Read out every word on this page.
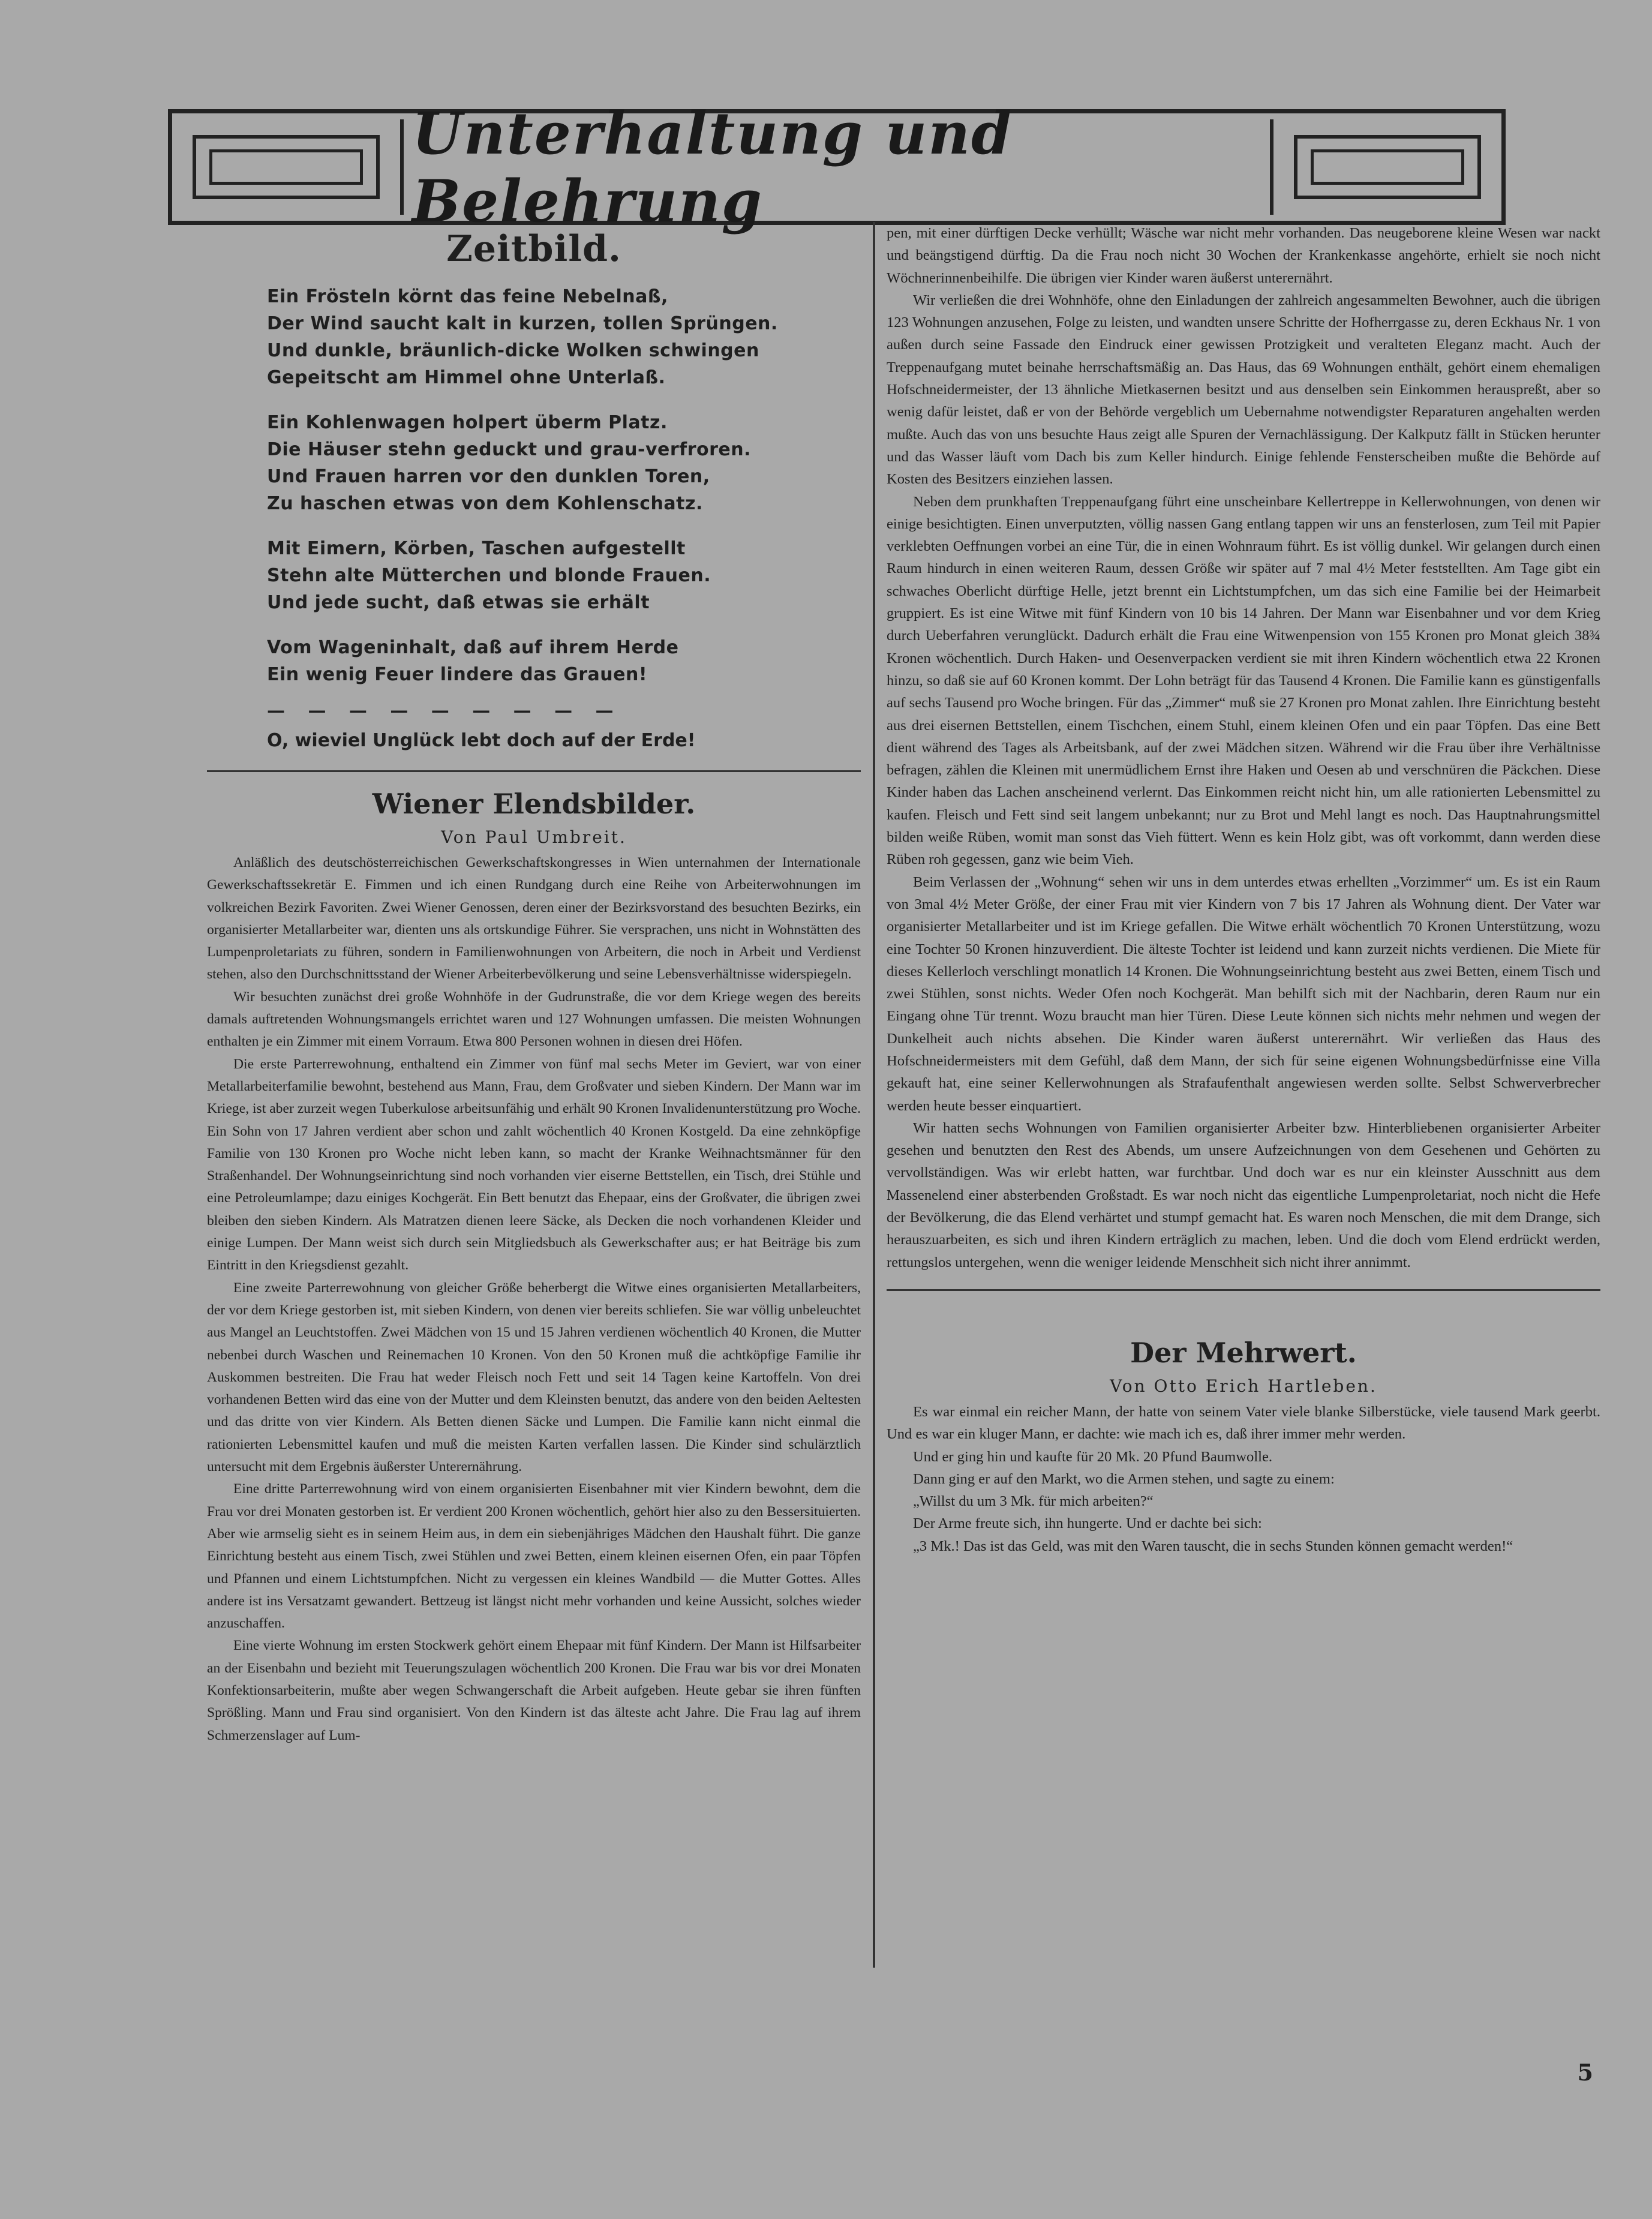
Unterhaltung und Belehrung
Zeitbild.
Ein Frösteln körnt das feine Nebelnaß,
Der Wind saucht kalt in kurzen, tollen Sprüngen.
Und dunkle, bräunlich-dicke Wolken schwingen
Gepeitscht am Himmel ohne Unterlaß.
Ein Kohlenwagen holpert überm Platz.
Die Häuser stehn geduckt und grau-verfroren.
Und Frauen harren vor den dunklen Toren,
Zu haschen etwas von dem Kohlenschatz.
Mit Eimern, Körben, Taschen aufgestellt
Stehn alte Mütterchen und blonde Frauen.
Und jede sucht, daß etwas sie erhält
Vom Wageninhalt, daß auf ihrem Herde
Ein wenig Feuer lindere das Grauen!
— — — — — — — — —
O, wieviel Unglück lebt doch auf der Erde!
Wiener Elendsbilder.
Von Paul Umbreit.

Anläßlich des deutschösterreichischen Gewerkschaftskongresses in Wien unternahmen der Internationale Gewerkschaftssekretär E. Fimmen und ich einen Rundgang durch eine Reihe von Arbeiterwohnungen im volkreichen Bezirk Favoriten. Zwei Wiener Genossen, deren einer der Bezirksvorstand des besuchten Bezirks, ein organisierter Metallarbeiter war, dienten uns als ortskundige Führer. Sie versprachen, uns nicht in Wohnstätten des Lumpenproletariats zu führen, sondern in Familienwohnungen von Arbeitern, die noch in Arbeit und Verdienst stehen, also den Durchschnittsstand der Wiener Arbeiterbevölkerung und seine Lebensverhältnisse widerspiegeln.

Wir besuchten zunächst drei große Wohnhöfe in der Gudrunstraße, die vor dem Kriege wegen des bereits damals auftretenden Wohnungsmangels errichtet waren und 127 Wohnungen umfassen. Die meisten Wohnungen enthalten je ein Zimmer mit einem Vorraum. Etwa 800 Personen wohnen in diesen drei Höfen.

Die erste Parterrewohnung, enthaltend ein Zimmer von fünf mal sechs Meter im Geviert, war von einer Metallarbeiterfamilie bewohnt, bestehend aus Mann, Frau, dem Großvater und sieben Kindern. Der Mann war im Kriege, ist aber zurzeit wegen Tuberkulose arbeitsunfähig und erhält 90 Kronen Invalidenunterstützung pro Woche. Ein Sohn von 17 Jahren verdient aber schon und zahlt wöchentlich 40 Kronen Kostgeld. Da eine zehnköpfige Familie von 130 Kronen pro Woche nicht leben kann, so macht der Kranke Weihnachtsmänner für den Straßenhandel. Der Wohnungseinrichtung sind noch vorhanden vier eiserne Bettstellen, ein Tisch, drei Stühle und eine Petroleumlampe; dazu einiges Kochgerät. Ein Bett benutzt das Ehepaar, eins der Großvater, die übrigen zwei bleiben den sieben Kindern. Als Matratzen dienen leere Säcke, als Decken die noch vorhandenen Kleider und einige Lumpen. Der Mann weist sich durch sein Mitgliedsbuch als Gewerkschafter aus; er hat Beiträge bis zum Eintritt in den Kriegsdienst gezahlt.

Eine zweite Parterrewohnung von gleicher Größe beherbergt die Witwe eines organisierten Metallarbeiters, der vor dem Kriege gestorben ist, mit sieben Kindern, von denen vier bereits schliefen. Sie war völlig unbeleuchtet aus Mangel an Leuchtstoffen. Zwei Mädchen von 15 und 15 Jahren verdienen wöchentlich 40 Kronen, die Mutter nebenbei durch Waschen und Reinemachen 10 Kronen. Von den 50 Kronen muß die achtköpfige Familie ihr Auskommen bestreiten. Die Frau hat weder Fleisch noch Fett und seit 14 Tagen keine Kartoffeln. Von drei vorhandenen Betten wird das eine von der Mutter und dem Kleinsten benutzt, das andere von den beiden Aeltesten und das dritte von vier Kindern. Als Betten dienen Säcke und Lumpen. Die Familie kann nicht einmal die rationierten Lebensmittel kaufen und muß die meisten Karten verfallen lassen. Die Kinder sind schulärztlich untersucht mit dem Ergebnis äußerster Unterernährung.

Eine dritte Parterrewohnung wird von einem organisierten Eisenbahner mit vier Kindern bewohnt, dem die Frau vor drei Monaten gestorben ist. Er verdient 200 Kronen wöchentlich, gehört hier also zu den Bessersituierten. Aber wie armselig sieht es in seinem Heim aus, in dem ein siebenjähriges Mädchen den Haushalt führt. Die ganze Einrichtung besteht aus einem Tisch, zwei Stühlen und zwei Betten, einem kleinen eisernen Ofen, ein paar Töpfen und Pfannen und einem Lichtstumpfchen. Nicht zu vergessen ein kleines Wandbild — die Mutter Gottes. Alles andere ist ins Versatzamt gewandert. Bettzeug ist längst nicht mehr vorhanden und keine Aussicht, solches wieder anzuschaffen.

Eine vierte Wohnung im ersten Stockwerk gehört einem Ehepaar mit fünf Kindern. Der Mann ist Hilfsarbeiter an der Eisenbahn und bezieht mit Teuerungszulagen wöchentlich 200 Kronen. Die Frau war bis vor drei Monaten Konfektionsarbeiterin, mußte aber wegen Schwangerschaft die Arbeit aufgeben. Heute gebar sie ihren fünften Sprößling. Mann und Frau sind organisiert. Von den Kindern ist das älteste acht Jahre. Die Frau lag auf ihrem Schmerzenslager auf Lum-

pen, mit einer dürftigen Decke verhüllt; Wäsche war nicht mehr vorhanden. Das neugeborene kleine Wesen war nackt und beängstigend dürftig. Da die Frau noch nicht 30 Wochen der Krankenkasse angehörte, erhielt sie noch nicht Wöchnerinnenbeihilfe. Die übrigen vier Kinder waren äußerst unterernährt.

Wir verließen die drei Wohnhöfe, ohne den Einladungen der zahlreich angesammelten Bewohner, auch die übrigen 123 Wohnungen anzusehen, Folge zu leisten, und wandten unsere Schritte der Hofherrgasse zu, deren Eckhaus Nr. 1 von außen durch seine Fassade den Eindruck einer gewissen Protzigkeit und veralteten Eleganz macht. Auch der Treppenaufgang mutet beinahe herrschaftsmäßig an. Das Haus, das 69 Wohnungen enthält, gehört einem ehemaligen Hofschneidermeister, der 13 ähnliche Mietkasernen besitzt und aus denselben sein Einkommen herauspreßt, aber so wenig dafür leistet, daß er von der Behörde vergeblich um Uebernahme notwendigster Reparaturen angehalten werden mußte. Auch das von uns besuchte Haus zeigt alle Spuren der Vernachlässigung. Der Kalkputz fällt in Stücken herunter und das Wasser läuft vom Dach bis zum Keller hindurch. Einige fehlende Fensterscheiben mußte die Behörde auf Kosten des Besitzers einziehen lassen.

Neben dem prunkhaften Treppenaufgang führt eine unscheinbare Kellertreppe in Kellerwohnungen, von denen wir einige besichtigten. Einen unverputzten, völlig nassen Gang entlang tappen wir uns an fensterlosen, zum Teil mit Papier verklebten Oeffnungen vorbei an eine Tür, die in einen Wohnraum führt. Es ist völlig dunkel. Wir gelangen durch einen Raum hindurch in einen weiteren Raum, dessen Größe wir später auf 7 mal 4½ Meter feststellten. Am Tage gibt ein schwaches Oberlicht dürftige Helle, jetzt brennt ein Lichtstumpfchen, um das sich eine Familie bei der Heimarbeit gruppiert. Es ist eine Witwe mit fünf Kindern von 10 bis 14 Jahren. Der Mann war Eisenbahner und vor dem Krieg durch Ueberfahren verunglückt. Dadurch erhält die Frau eine Witwenpension von 155 Kronen pro Monat gleich 38¾ Kronen wöchentlich. Durch Haken- und Oesenverpacken verdient sie mit ihren Kindern wöchentlich etwa 22 Kronen hinzu, so daß sie auf 60 Kronen kommt. Der Lohn beträgt für das Tausend 4 Kronen. Die Familie kann es günstigenfalls auf sechs Tausend pro Woche bringen. Für das „Zimmer“ muß sie 27 Kronen pro Monat zahlen. Ihre Einrichtung besteht aus drei eisernen Bettstellen, einem Tischchen, einem Stuhl, einem kleinen Ofen und ein paar Töpfen. Das eine Bett dient während des Tages als Arbeitsbank, auf der zwei Mädchen sitzen. Während wir die Frau über ihre Verhältnisse befragen, zählen die Kleinen mit unermüdlichem Ernst ihre Haken und Oesen ab und verschnüren die Päckchen. Diese Kinder haben das Lachen anscheinend verlernt. Das Einkommen reicht nicht hin, um alle rationierten Lebensmittel zu kaufen. Fleisch und Fett sind seit langem unbekannt; nur zu Brot und Mehl langt es noch. Das Hauptnahrungsmittel bilden weiße Rüben, womit man sonst das Vieh füttert. Wenn es kein Holz gibt, was oft vorkommt, dann werden diese Rüben roh gegessen, ganz wie beim Vieh.

Beim Verlassen der „Wohnung“ sehen wir uns in dem unterdes etwas erhellten „Vorzimmer“ um. Es ist ein Raum von 3mal 4½ Meter Größe, der einer Frau mit vier Kindern von 7 bis 17 Jahren als Wohnung dient. Der Vater war organisierter Metallarbeiter und ist im Kriege gefallen. Die Witwe erhält wöchentlich 70 Kronen Unterstützung, wozu eine Tochter 50 Kronen hinzuverdient. Die älteste Tochter ist leidend und kann zurzeit nichts verdienen. Die Miete für dieses Kellerloch verschlingt monatlich 14 Kronen. Die Wohnungseinrichtung besteht aus zwei Betten, einem Tisch und zwei Stühlen, sonst nichts. Weder Ofen noch Kochgerät. Man behilft sich mit der Nachbarin, deren Raum nur ein Eingang ohne Tür trennt. Wozu braucht man hier Türen. Diese Leute können sich nichts mehr nehmen und wegen der Dunkelheit auch nichts absehen. Die Kinder waren äußerst unterernährt. Wir verließen das Haus des Hofschneidermeisters mit dem Gefühl, daß dem Mann, der sich für seine eigenen Wohnungsbedürfnisse eine Villa gekauft hat, eine seiner Kellerwohnungen als Strafaufenthalt angewiesen werden sollte. Selbst Schwerverbrecher werden heute besser einquartiert.

Wir hatten sechs Wohnungen von Familien organisierter Arbeiter bzw. Hinterbliebenen organisierter Arbeiter gesehen und benutzten den Rest des Abends, um unsere Aufzeichnungen von dem Gesehenen und Gehörten zu vervollständigen. Was wir erlebt hatten, war furchtbar. Und doch war es nur ein kleinster Ausschnitt aus dem Massenelend einer absterbenden Großstadt. Es war noch nicht das eigentliche Lumpenproletariat, noch nicht die Hefe der Bevölkerung, die das Elend verhärtet und stumpf gemacht hat. Es waren noch Menschen, die mit dem Drange, sich herauszuarbeiten, es sich und ihren Kindern erträglich zu machen, leben. Und die doch vom Elend erdrückt werden, rettungslos untergehen, wenn die weniger leidende Menschheit sich nicht ihrer annimmt.

Der Mehrwert.
Von Otto Erich Hartleben.

Es war einmal ein reicher Mann, der hatte von seinem Vater viele blanke Silberstücke, viele tausend Mark geerbt. Und es war ein kluger Mann, er dachte: wie mach ich es, daß ihrer immer mehr werden.

Und er ging hin und kaufte für 20 Mk. 20 Pfund Baumwolle.

Dann ging er auf den Markt, wo die Armen stehen, und sagte zu einem:

„Willst du um 3 Mk. für mich arbeiten?“

Der Arme freute sich, ihn hungerte. Und er dachte bei sich:

„3 Mk.! Das ist das Geld, was mit den Waren tauscht, die in sechs Stunden können gemacht werden!“

5
